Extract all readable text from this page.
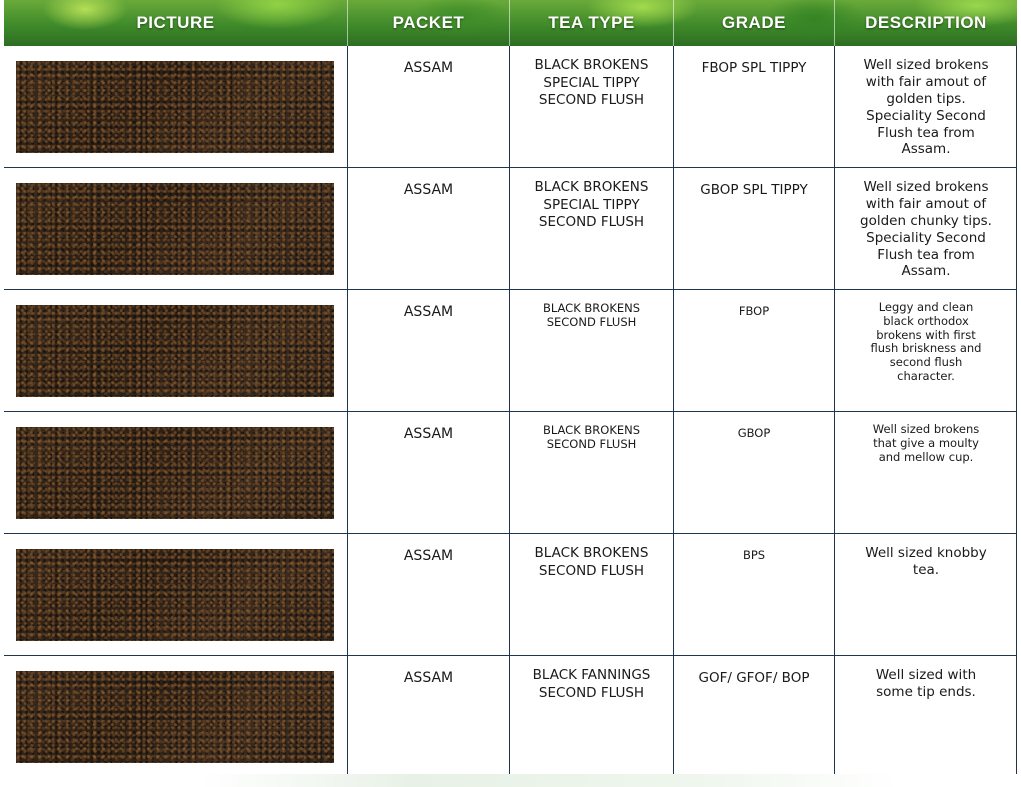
PICTURE	PACKET	TEA TYPE	GRADE	DESCRIPTION
ASSAM	BLACK BROKENS
SPECIAL TIPPY
SECOND FLUSH
FBOP SPL TIPPY	Well sized brokens
with fair amout of
golden tips.
Speciality Second
Flush tea from
Assam.
ASSAM	BLACK BROKENS
SPECIAL TIPPY
SECOND FLUSH
GBOP SPL TIPPY	Well sized brokens
with fair amout of
golden chunky tips.
Speciality Second
Flush tea from
Assam.
ASSAM	BLACK BROKENS
SECOND FLUSH
FBOP	Leggy and clean
black orthodox
brokens with first
flush briskness and
second flush
character.
ASSAM	BLACK BROKENS
SECOND FLUSH
GBOP	Well sized brokens
that give a moulty
and mellow cup.
ASSAM	BLACK BROKENS
SECOND FLUSH
BPS	Well sized knobby
tea.
ASSAM	BLACK FANNINGS
SECOND FLUSH
GOF/ GFOF/ BOP	Well sized with
some tip ends.
